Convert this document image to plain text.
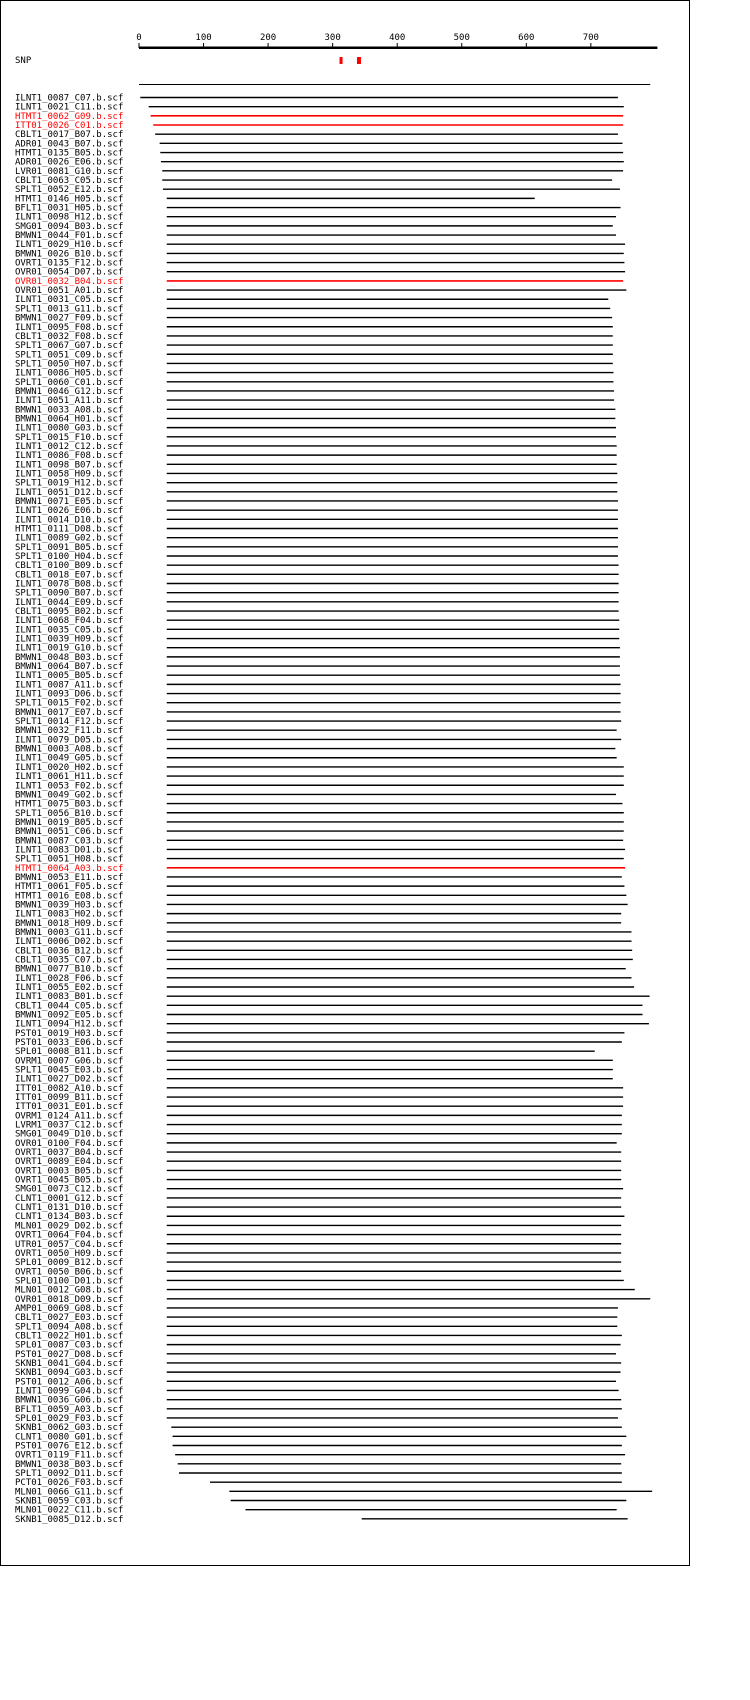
0	100	200	300	400	500	600	700
SNP
ILNT1_0087_C07.b.scf
ILNT1_0021_C11.b.scf
HTMT1_0062_G09.b.scf
ITT01_0026_C01.b.scf
CBLT1_0017_B07.b.scf
ADR01_0043_B07.b.scf
HTMT1_0135_B05.b.scf
ADR01_0026_E06.b.scf
LVR01_0081_G10.b.scf
CBLT1_0063_C05.b.scf
SPLT1_0052_E12.b.scf
HTMT1_0146_H05.b.scf
BFLT1_0031_H05.b.scf
ILNT1_0098_H12.b.scf
SMG01_0094_B03.b.scf
BMWN1_0044_F01.b.scf
ILNT1_0029_H10.b.scf
BMWN1_0026_B10.b.scf
OVRT1_0135_F12.b.scf
OVR01_0054_D07.b.scf
OVR01_0032_B04.b.scf
OVR01_0051_A01.b.scf
ILNT1_0031_C05.b.scf
SPLT1_0013_G11.b.scf
BMWN1_0027_F09.b.scf
ILNT1_0095_F08.b.scf
CBLT1_0032_F08.b.scf
SPLT1_0067_G07.b.scf
SPLT1_0051_C09.b.scf
SPLT1_0050_H07.b.scf
ILNT1_0086_H05.b.scf
SPLT1_0060_C01.b.scf
BMWN1_0046_G12.b.scf
ILNT1_0051_A11.b.scf
BMWN1_0033_A08.b.scf
BMWN1_0064_H01.b.scf
ILNT1_0080_G03.b.scf
SPLT1_0015_F10.b.scf
ILNT1_0012_C12.b.scf
ILNT1_0086_F08.b.scf
ILNT1_0098_B07.b.scf
ILNT1_0058_H09.b.scf
SPLT1_0019_H12.b.scf
ILNT1_0051_D12.b.scf
BMWN1_0071_E05.b.scf
ILNT1_0026_E06.b.scf
ILNT1_0014_D10.b.scf
HTMT1_0111_D08.b.scf
ILNT1_0089_G02.b.scf
SPLT1_0091_B05.b.scf
SPLT1_0100_H04.b.scf
CBLT1_0100_B09.b.scf
CBLT1_0018_E07.b.scf
ILNT1_0078_B08.b.scf
SPLT1_0090_B07.b.scf
ILNT1_0044_E09.b.scf
CBLT1_0095_B02.b.scf
ILNT1_0068_F04.b.scf
ILNT1_0035_C05.b.scf
ILNT1_0039_H09.b.scf
ILNT1_0019_G10.b.scf
BMWN1_0048_B03.b.scf
BMWN1_0064_B07.b.scf
ILNT1_0005_B05.b.scf
ILNT1_0087_A11.b.scf
ILNT1_0093_D06.b.scf
SPLT1_0015_F02.b.scf
BMWN1_0017_E07.b.scf
SPLT1_0014_F12.b.scf
BMWN1_0032_F11.b.scf
ILNT1_0079_D05.b.scf
BMWN1_0003_A08.b.scf
ILNT1_0049_G05.b.scf
ILNT1_0020_H02.b.scf
ILNT1_0061_H11.b.scf
ILNT1_0053_F02.b.scf
BMWN1_0049_G02.b.scf
HTMT1_0075_B03.b.scf
SPLT1_0056_B10.b.scf
BMWN1_0019_B05.b.scf
BMWN1_0051_C06.b.scf
BMWN1_0087_C03.b.scf
ILNT1_0083_D01.b.scf
SPLT1_0051_H08.b.scf
HTMT1_0064_A03.b.scf
BMWN1_0053_E11.b.scf
HTMT1_0061_F05.b.scf
HTMT1_0016_E08.b.scf
BMWN1_0039_H03.b.scf
ILNT1_0083_H02.b.scf
BMWN1_0018_H09.b.scf
BMWN1_0003_G11.b.scf
ILNT1_0006_D02.b.scf
CBLT1_0036_B12.b.scf
CBLT1_0035_C07.b.scf
BMWN1_0077_B10.b.scf
ILNT1_0028_F06.b.scf
ILNT1_0055_E02.b.scf
ILNT1_0083_B01.b.scf
CBLT1_0044_C05.b.scf
BMWN1_0092_E05.b.scf
ILNT1_0094_H12.b.scf
PST01_0019_H03.b.scf
PST01_0033_E06.b.scf
SPL01_0008_B11.b.scf
OVRM1_0007_G06.b.scf
SPLT1_0045_E03.b.scf
ILNT1_0027_D02.b.scf
ITT01_0082_A10.b.scf
ITT01_0099_B11.b.scf
ITT01_0031_E01.b.scf
OVRM1_0124_A11.b.scf
LVRM1_0037_C12.b.scf
SMG01_0049_D10.b.scf
OVR01_0100_F04.b.scf
OVRT1_0037_B04.b.scf
OVRT1_0089_E04.b.scf
OVRT1_0003_B05.b.scf
OVRT1_0045_B05.b.scf
SMG01_0073_C12.b.scf
CLNT1_0001_G12.b.scf
CLNT1_0131_D10.b.scf
CLNT1_0134_B03.b.scf
MLN01_0029_D02.b.scf
OVRT1_0064_F04.b.scf
UTR01_0057_C04.b.scf
OVRT1_0050_H09.b.scf
SPL01_0009_B12.b.scf
OVRT1_0050_B06.b.scf
SPL01_0100_D01.b.scf
MLN01_0012_G08.b.scf
OVR01_0018_D09.b.scf
AMP01_0069_G08.b.scf
CBLT1_0027_E03.b.scf
SPLT1_0094_A08.b.scf
CBLT1_0022_H01.b.scf
SPL01_0087_C03.b.scf
PST01_0027_D08.b.scf
SKNB1_0041_G04.b.scf
SKNB1_0094_G03.b.scf
PST01_0012_A06.b.scf
ILNT1_0099_G04.b.scf
BMWN1_0036_G06.b.scf
BFLT1_0059_A03.b.scf
SPL01_0029_F03.b.scf
SKNB1_0062_G03.b.scf
CLNT1_0080_G01.b.scf
PST01_0076_E12.b.scf
OVRT1_0119_F11.b.scf
BMWN1_0038_B03.b.scf
SPLT1_0092_D11.b.scf
PCT01_0026_F03.b.scf
MLN01_0066_G11.b.scf
SKNB1_0059_C03.b.scf
MLN01_0022_C11.b.scf
SKNB1_0085_D12.b.scf
